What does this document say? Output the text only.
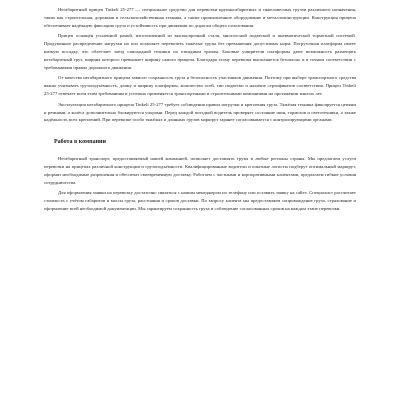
Негабаритный прицеп Tinkeli 25-277 — специальное средство для перевозки крупногабаритных и тяжеловесных грузов различного назначения, таких как строительная, дорожная и сельскохозяйственная техника, а также промышленное оборудование и металлоконструкции. Конструкция прицепа обеспечивает надёжную фиксацию груза и устойчивость при движении по дорогам общего пользования.

Прицеп оснащён усиленной рамой, изготовленной из высокопрочной стали, многоосной подвеской и пневматической тормозной системой. Продуманное распределение нагрузки на оси позволяет перевозить тяжёлые грузы без превышения допустимых норм. Погрузочная платформа имеет низкую посадку, что облегчает заезд самоходной техники по откидным трапам. Боковые уширители платформы дают возможность размещать негабаритный груз, ширина которого превышает ширину самого прицепа. Благодаря этому перевозка выполняется безопасно и в точном соответствии с требованиями правил дорожного движения.

От качества негабаритного прицепа зависит сохранность груза и безопасность участников движения. Поэтому при выборе транспортного средства важно учитывать грузоподъёмность, длину и ширину платформы, количество осей, тип подвески и наличие сертификатов соответствия. Прицеп Tinkeli 25-277 отвечает всем этим требованиям и успешно применяется транспортными и строительными компаниями на протяжении многих лет.

Эксплуатация негабаритного прицепа Tinkeli 25-277 требует соблюдения правил погрузки и крепления груза. Тяжёлая техника фиксируется цепями и ремнями, а колёса дополнительно блокируются упорами. Перед каждой поездкой водитель проверяет состояние шин, тормозов и светотехники, а также надёжность всех креплений. При перевозке особо тяжёлых и длинных грузов маршрут заранее согласовывается с контролирующими органами.

Работа в компании

Негабаритный транспорт, предоставляемый нашей компанией, позволяет доставлять грузы в любые регионы страны. Мы предлагаем услуги перевозки на прицепах различной конструкции и грузоподъёмности. Квалифицированные водители и опытные логисты подберут оптимальный маршрут, оформят необходимые разрешения и обеспечат своевременную доставку. Работаем с частными и корпоративными клиентами, предлагаем гибкие условия сотрудничества.

Для оформления заявки на перевозку достаточно связаться с нашим менеджером по телефону или оставить заявку на сайте. Специалист рассчитает стоимость с учётом габаритов и массы груза, расстояния и сроков доставки. По запросу клиента мы предоставляем сопровождение груза, страхование и оформление всей необходимой документации. Мы гарантируем сохранность груза и соблюдение согласованных сроков на каждом этапе перевозки.
